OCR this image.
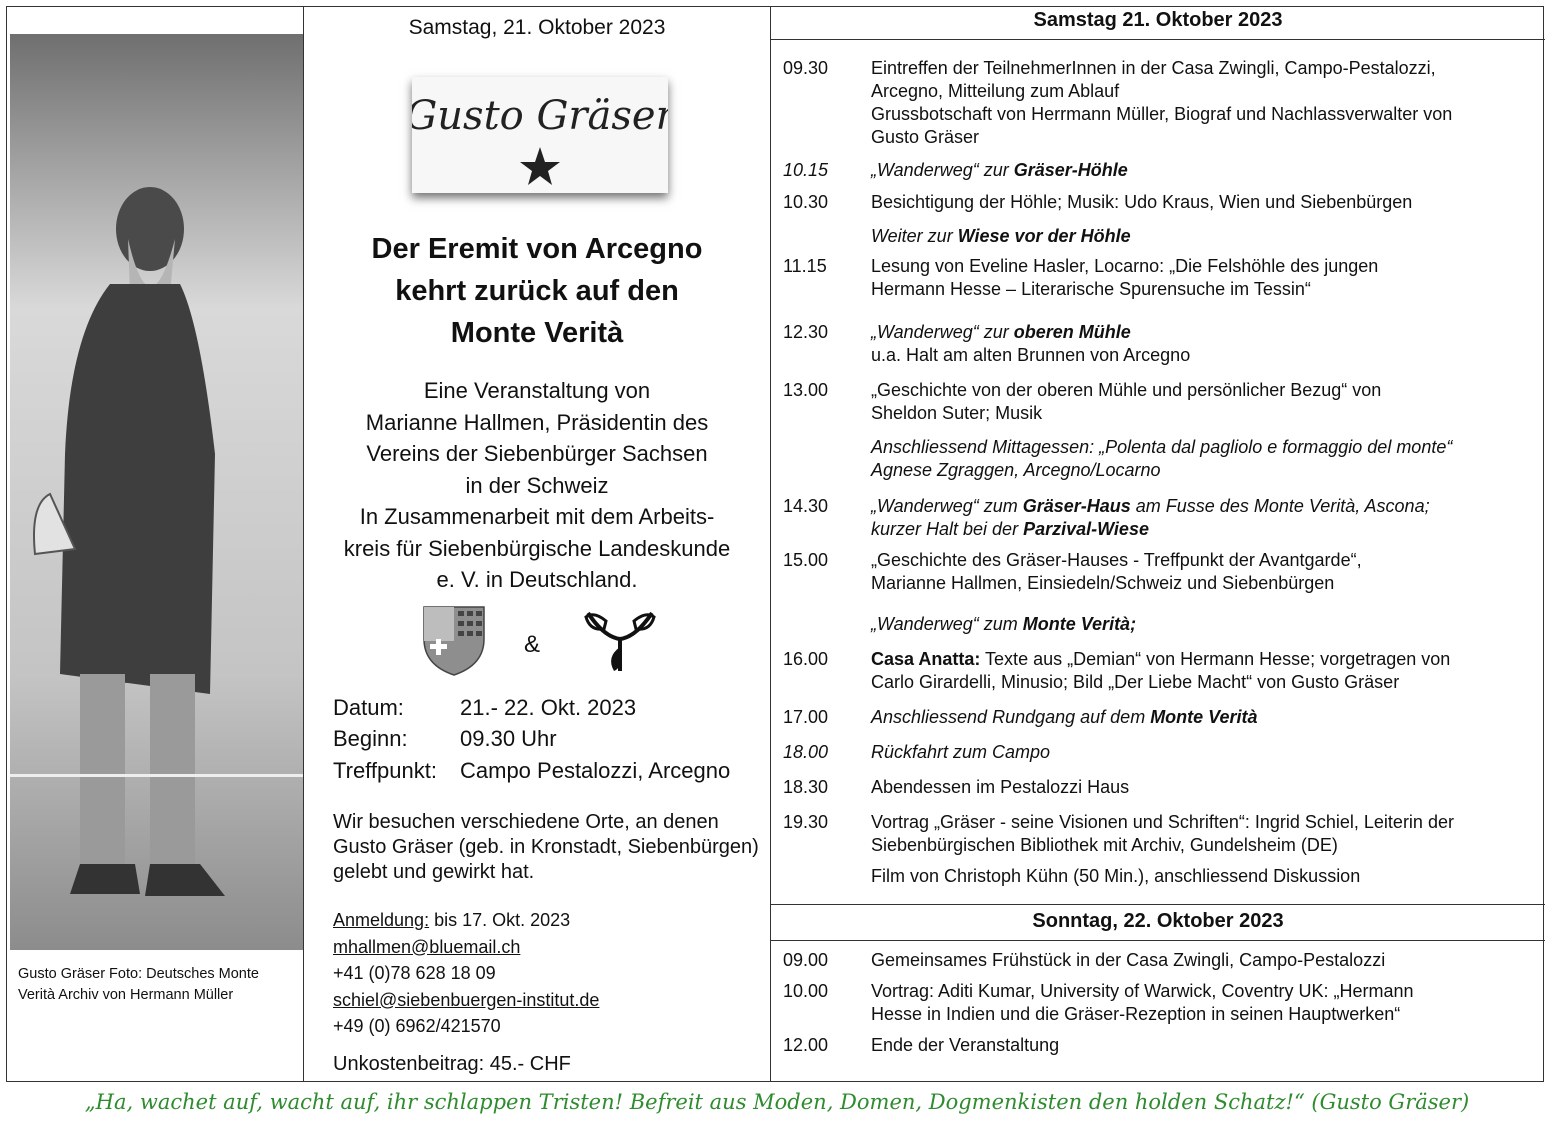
Gusto Gräser Foto: Deutsches Monte Verità Archiv von Hermann Müller
Samstag, 21. Oktober 2023
Gusto Gräser
Der Eremit von Arcegno
kehrt zurück auf den
Monte Verità
Eine Veranstaltung von
Marianne Hallmen, Präsidentin des
Vereins der Siebenbürger Sachsen
in der Schweiz
In Zusammenarbeit mit dem Arbeits-
kreis für Siebenbürgische Landeskunde
e. V. in Deutschland.
&
Datum:	21.- 22. Okt. 2023
Beginn: 09.30 Uhr
Treffpunkt: Campo Pestalozzi, Arcegno
Wir besuchen verschiedene Orte, an denen Gusto Gräser (geb. in Kronstadt, Siebenbürgen) gelebt und gewirkt hat.
Anmeldung: bis 17. Okt. 2023
mhallmen@bluemail.ch
+41 (0)78 628 18 09
schiel@siebenbuergen-institut.de
+49 (0) 6962/421570
Unkostenbeitrag: 45.- CHF
Samstag 21. Oktober 2023
09.30	Eintreffen der TeilnehmerInnen in der Casa Zwingli, Campo-Pestalozzi,
Arcegno, Mitteilung zum Ablauf
Grussbotschaft von Herrmann Müller, Biograf und Nachlassverwalter von
Gusto Gräser
10.15	„Wanderweg“ zur Gräser-Höhle
10.30	Besichtigung der Höhle; Musik: Udo Kraus, Wien und Siebenbürgen
Weiter zur Wiese vor der Höhle
11.15	Lesung von Eveline Hasler, Locarno: „Die Felshöhle des jungen
Hermann Hesse – Literarische Spurensuche im Tessin“
12.30	„Wanderweg“ zur oberen Mühle
u.a. Halt am alten Brunnen von Arcegno
13.00	„Geschichte von der oberen Mühle und persönlicher Bezug“ von
Sheldon Suter; Musik
Anschliessend Mittagessen: „Polenta dal pagliolo e formaggio del monte“
Agnese Zgraggen, Arcegno/Locarno
14.30	„Wanderweg“ zum Gräser-Haus am Fusse des Monte Verità, Ascona;
kurzer Halt bei der Parzival-Wiese
15.00	„Geschichte des Gräser-Hauses - Treffpunkt der Avantgarde“,
Marianne Hallmen, Einsiedeln/Schweiz und Siebenbürgen
„Wanderweg“ zum Monte Verità;
16.00	Casa Anatta: Texte aus „Demian“ von Hermann Hesse; vorgetragen von
Carlo Girardelli, Minusio; Bild „Der Liebe Macht“ von Gusto Gräser
17.00	Anschliessend Rundgang auf dem Monte Verità
18.00	Rückfahrt zum Campo
18.30	Abendessen im Pestalozzi Haus
19.30	Vortrag „Gräser - seine Visionen und Schriften“: Ingrid Schiel, Leiterin der
Siebenbürgischen Bibliothek mit Archiv, Gundelsheim (DE)
Film von Christoph Kühn (50 Min.), anschliessend Diskussion
Sonntag, 22. Oktober 2023
09.00	Gemeinsames Frühstück in der Casa Zwingli, Campo-Pestalozzi
10.00	Vortrag: Aditi Kumar, University of Warwick, Coventry UK: „Hermann
Hesse in Indien und die Gräser-Rezeption in seinen Hauptwerken“
12.00	Ende der Veranstaltung
„Ha, wachet auf, wacht auf, ihr schlappen Tristen! Befreit aus Moden, Domen, Dogmenkisten den holden Schatz!“ (Gusto Gräser)
